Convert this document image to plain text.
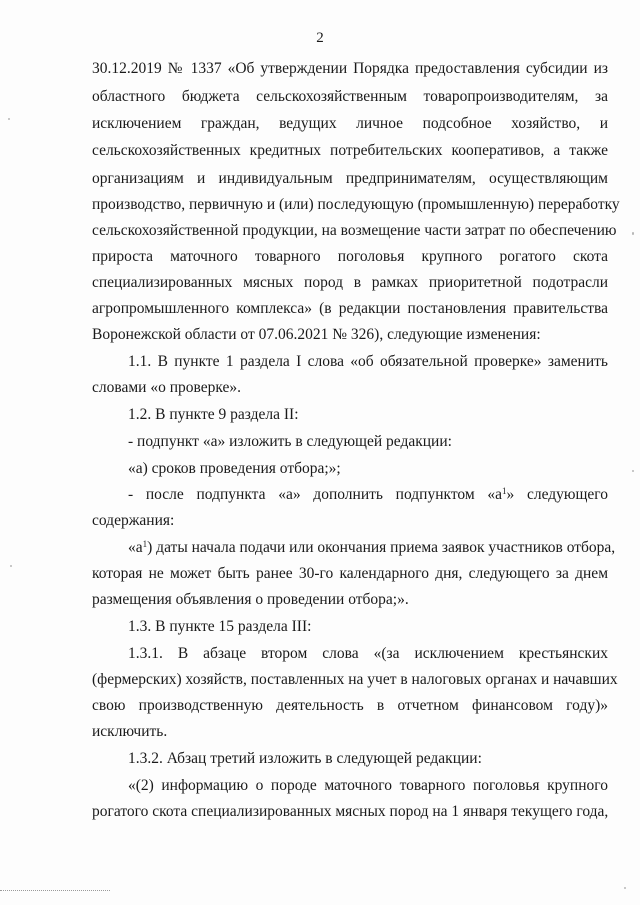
2
30.12.2019 № 1337 «Об утверждении Порядка предоставления субсидии из
областного бюджета сельскохозяйственным товаропроизводителям, за
исключением граждан, ведущих личное подсобное хозяйство, и
сельскохозяйственных кредитных потребительских кооперативов, а также
организациям и индивидуальным предпринимателям, осуществляющим
производство, первичную и (или) последующую (промышленную) переработку
сельскохозяйственной продукции, на возмещение части затрат по обеспечению
прироста маточного товарного поголовья крупного рогатого скота
специализированных мясных пород в рамках приоритетной подотрасли
агропромышленного комплекса» (в редакции постановления правительства
Воронежской области от 07.06.2021 № 326), следующие изменения:
1.1. В пункте 1 раздела I слова «об обязательной проверке» заменить
словами «о проверке».
1.2. В пункте 9 раздела II:
- подпункт «а» изложить в следующей редакции:
«а) сроков проведения отбора;»;
- после подпункта «а» дополнить подпунктом «$а^1$» следующего
содержания:
«$а^1$) даты начала подачи или окончания приема заявок участников отбора,
которая не может быть ранее 30-го календарного дня, следующего за днем
размещения объявления о проведении отбора;».
1.3. В пункте 15 раздела III:
1.3.1. В абзаце втором слова «(за исключением крестьянских
(фермерских) хозяйств, поставленных на учет в налоговых органах и начавших
свою производственную деятельность в отчетном финансовом году)»
исключить.
1.3.2. Абзац третий изложить в следующей редакции:
«(2) информацию о породе маточного товарного поголовья крупного
рогатого скота специализированных мясных пород на 1 января текущего года,
